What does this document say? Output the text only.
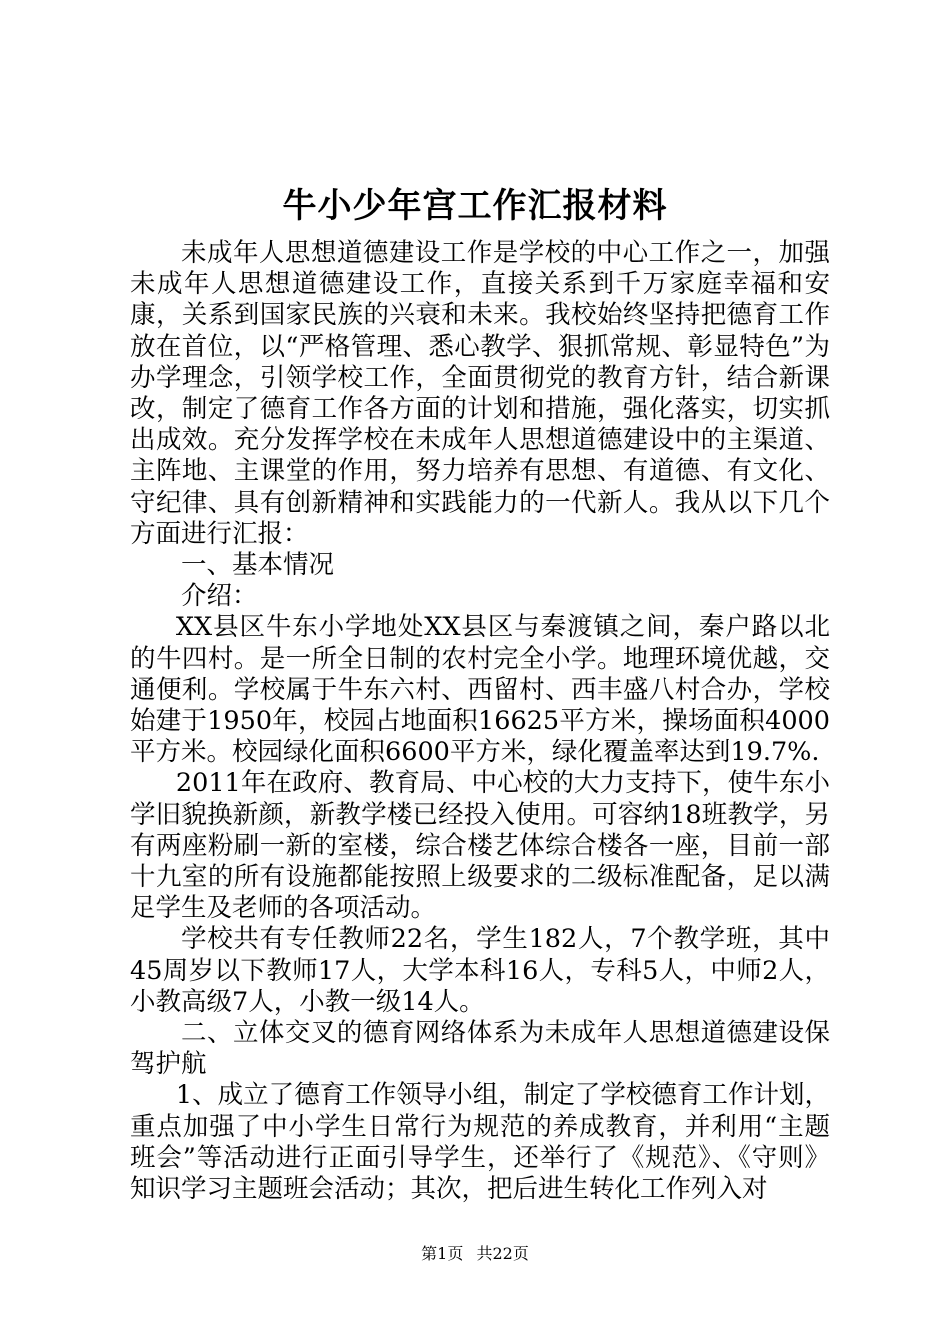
牛小少年宫工作汇报材料

未成年人思想道德建设工作是学校的中心工作之一，加强未成年人思想道德建设工作，直接关系到千万家庭幸福和安康，关系到国家民族的兴衰和未来。我校始终坚持把德育工作放在首位，以“严格管理、悉心教学、狠抓常规、彰显特色”为办学理念，引领学校工作，全面贯彻党的教育方针，结合新课改，制定了德育工作各方面的计划和措施，强化落实，切实抓出成效。充分发挥学校在未成年人思想道德建设中的主渠道、主阵地、主课堂的作用，努力培养有思想、有道德、有文化、守纪律、具有创新精神和实践能力的一代新人。我从以下几个方面进行汇报：

一、基本情况

介绍：

XX县区牛东小学地处XX县区与秦渡镇之间，秦户路以北的牛四村。是一所全日制的农村完全小学。地理环境优越，交通便利。学校属于牛东六村、西留村、西丰盛八村合办，学校始建于1950年，校园占地面积16625平方米，操场面积4000平方米。校园绿化面积6600平方米，绿化覆盖率达到19.7%.

2011年在政府、教育局、中心校的大力支持下，使牛东小学旧貌换新颜，新教学楼已经投入使用。可容纳18班教学，另有两座粉刷一新的室楼，综合楼艺体综合楼各一座，目前一部十九室的所有设施都能按照上级要求的二级标准配备，足以满足学生及老师的各项活动。

学校共有专任教师22名，学生182人，7个教学班，其中45周岁以下教师17人，大学本科16人，专科5人，中师2人，小教高级7人，小教一级14人。

二、立体交叉的德育网络体系为未成年人思想道德建设保驾护航

1、成立了德育工作领导小组，制定了学校德育工作计划，重点加强了中小学生日常行为规范的养成教育，并利用“主题班会”等活动进行正面引导学生，还举行了《规范》、《守则》知识学习主题班会活动；其次，把后进生转化工作列入对

第1页 共22页
